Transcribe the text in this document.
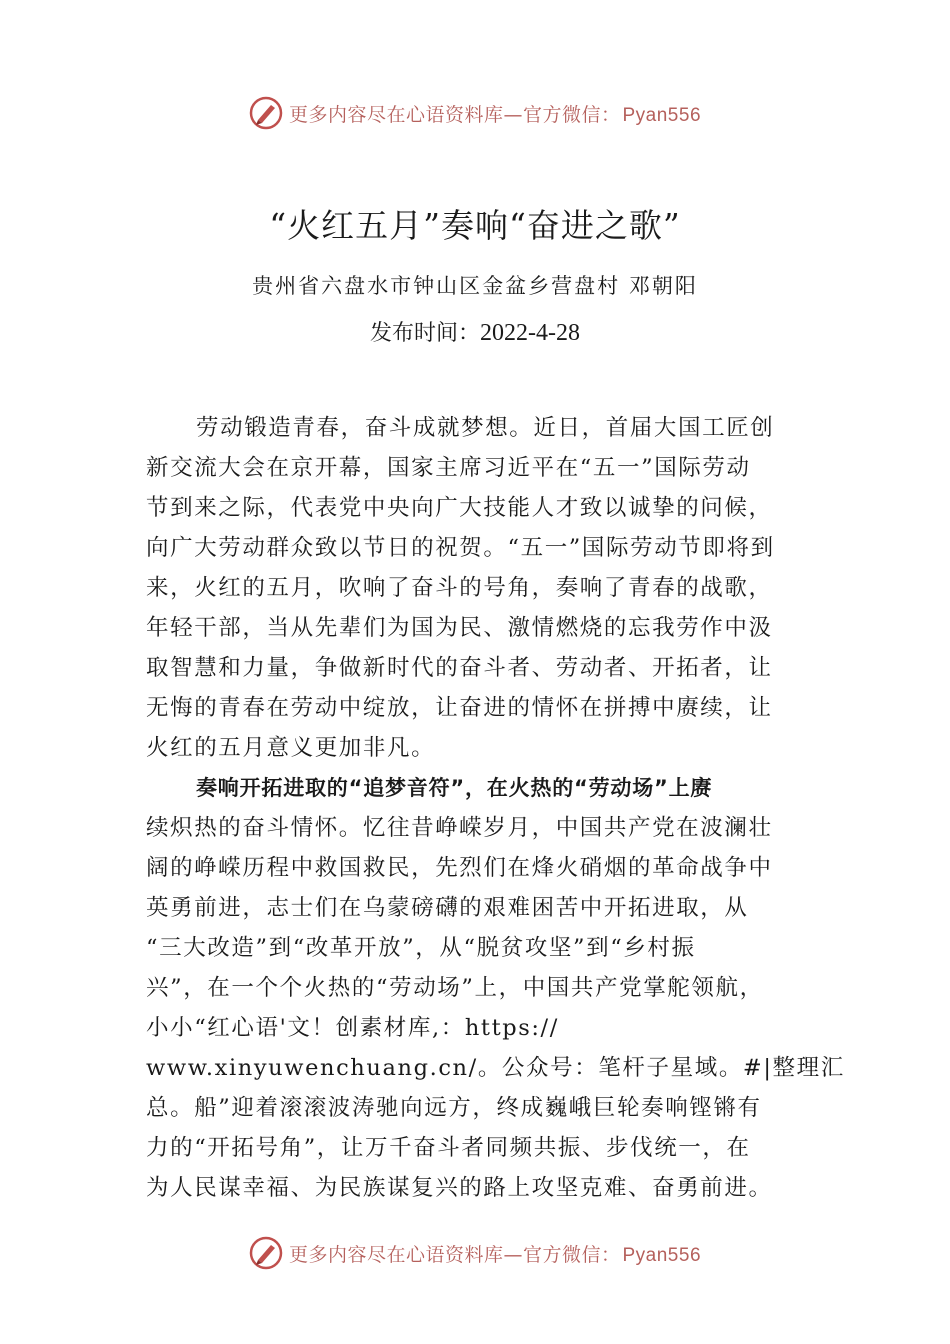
更多内容尽在心语资料库—官方微信： Pyan556
“火红五月”奏响“奋进之歌”
贵州省六盘水市钟山区金盆乡营盘村 邓朝阳
发布时间：2022-4-28
劳动锻造青春，奋斗成就梦想。近日，首届大国工匠创
新交流大会在京开幕，国家主席习近平在“五一”国际劳动
节到来之际，代表党中央向广大技能人才致以诚挚的问候，
向广大劳动群众致以节日的祝贺。“五一”国际劳动节即将到
来，火红的五月，吹响了奋斗的号角，奏响了青春的战歌，
年轻干部，当从先辈们为国为民、激情燃烧的忘我劳作中汲
取智慧和力量，争做新时代的奋斗者、劳动者、开拓者，让
无悔的青春在劳动中绽放，让奋进的情怀在拼搏中赓续，让
火红的五月意义更加非凡。
奏响开拓进取的“追梦音符”，在火热的“劳动场”上赓
续炽热的奋斗情怀。忆往昔峥嵘岁月，中国共产党在波澜壮
阔的峥嵘历程中救国救民，先烈们在烽火硝烟的革命战争中
英勇前进，志士们在乌蒙磅礴的艰难困苦中开拓进取，从
“三大改造”到“改革开放”，从“脱贫攻坚”到“乡村振
兴”，在一个个火热的“劳动场”上，中国共产党掌舵领航，
小小“红心语'文！创素材库,：https://
www.xinyuwenchuang.cn/。公众号：笔杆子星域。#|整理汇
总。船”迎着滚滚波涛驰向远方，终成巍峨巨轮奏响铿锵有
力的“开拓号角”，让万千奋斗者同频共振、步伐统一，在
为人民谋幸福、为民族谋复兴的路上攻坚克难、奋勇前进。
更多内容尽在心语资料库—官方微信： Pyan556
